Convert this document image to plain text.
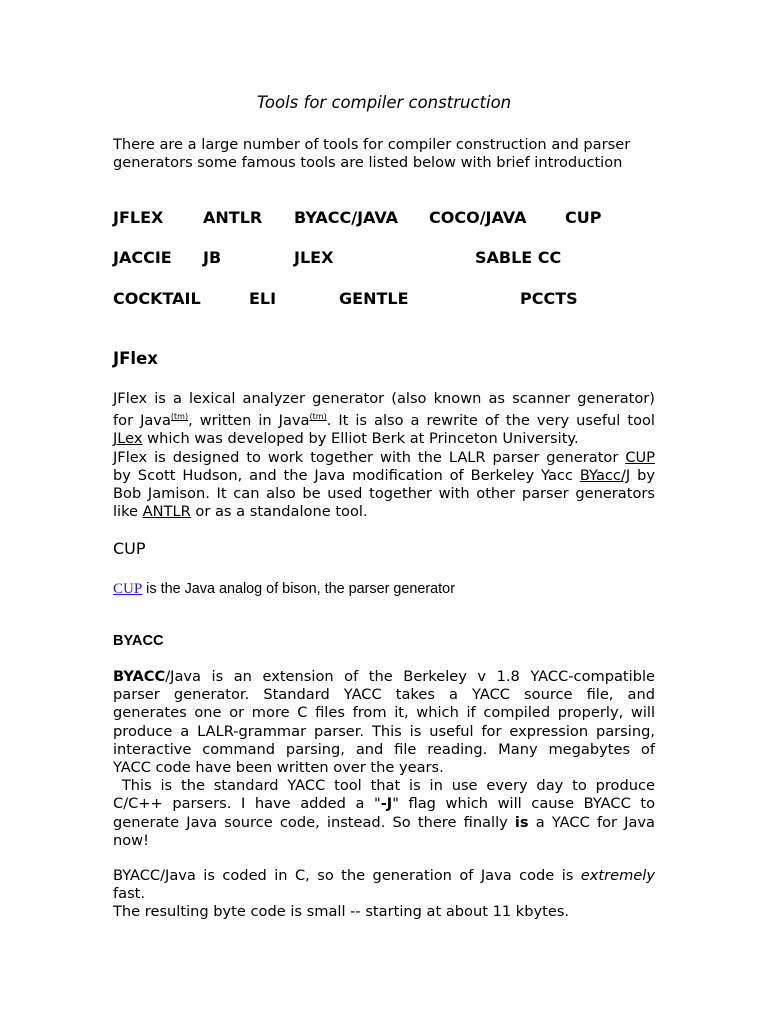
Tools for compiler construction
There are a large number of tools for compiler construction and parser
generators some famous tools are listed below with brief introduction
JFLEX ANTLR BYACC/JAVA COCO/JAVA CUP
JACCIE JB	JLEX	SABLE CC
COCKTAIL	ELI	GENTLE	PCCTS
JFlex
JFlex is a lexical analyzer generator (also known as scanner generator)
for Java$^{(tm)}$, written in Java$^{(tm)}$. It is also a rewrite of the very useful tool
JLex which was developed by Elliot Berk at Princeton University.
JFlex is designed to work together with the LALR parser generator CUP
by Scott Hudson, and the Java modification of Berkeley Yacc BYacc/J by
Bob Jamison. It can also be used together with other parser generators
like ANTLR or as a standalone tool.
CUP
CUP is the Java analog of bison, the parser generator
BYACC
BYACC/Java is an extension of the Berkeley v 1.8 YACC-compatible
parser generator. Standard YACC takes a YACC source file, and
generates one or more C files from it, which if compiled properly, will
produce a LALR-grammar parser. This is useful for expression parsing,
interactive command parsing, and file reading. Many megabytes of
YACC code have been written over the years.
This is the standard YACC tool that is in use every day to produce
C/C++ parsers. I have added a "-J" flag which will cause BYACC to
generate Java source code, instead. So there finally is a YACC for Java
now!
BYACC/Java is coded in C, so the generation of Java code is extremely
fast.
The resulting byte code is small -- starting at about 11 kbytes.
